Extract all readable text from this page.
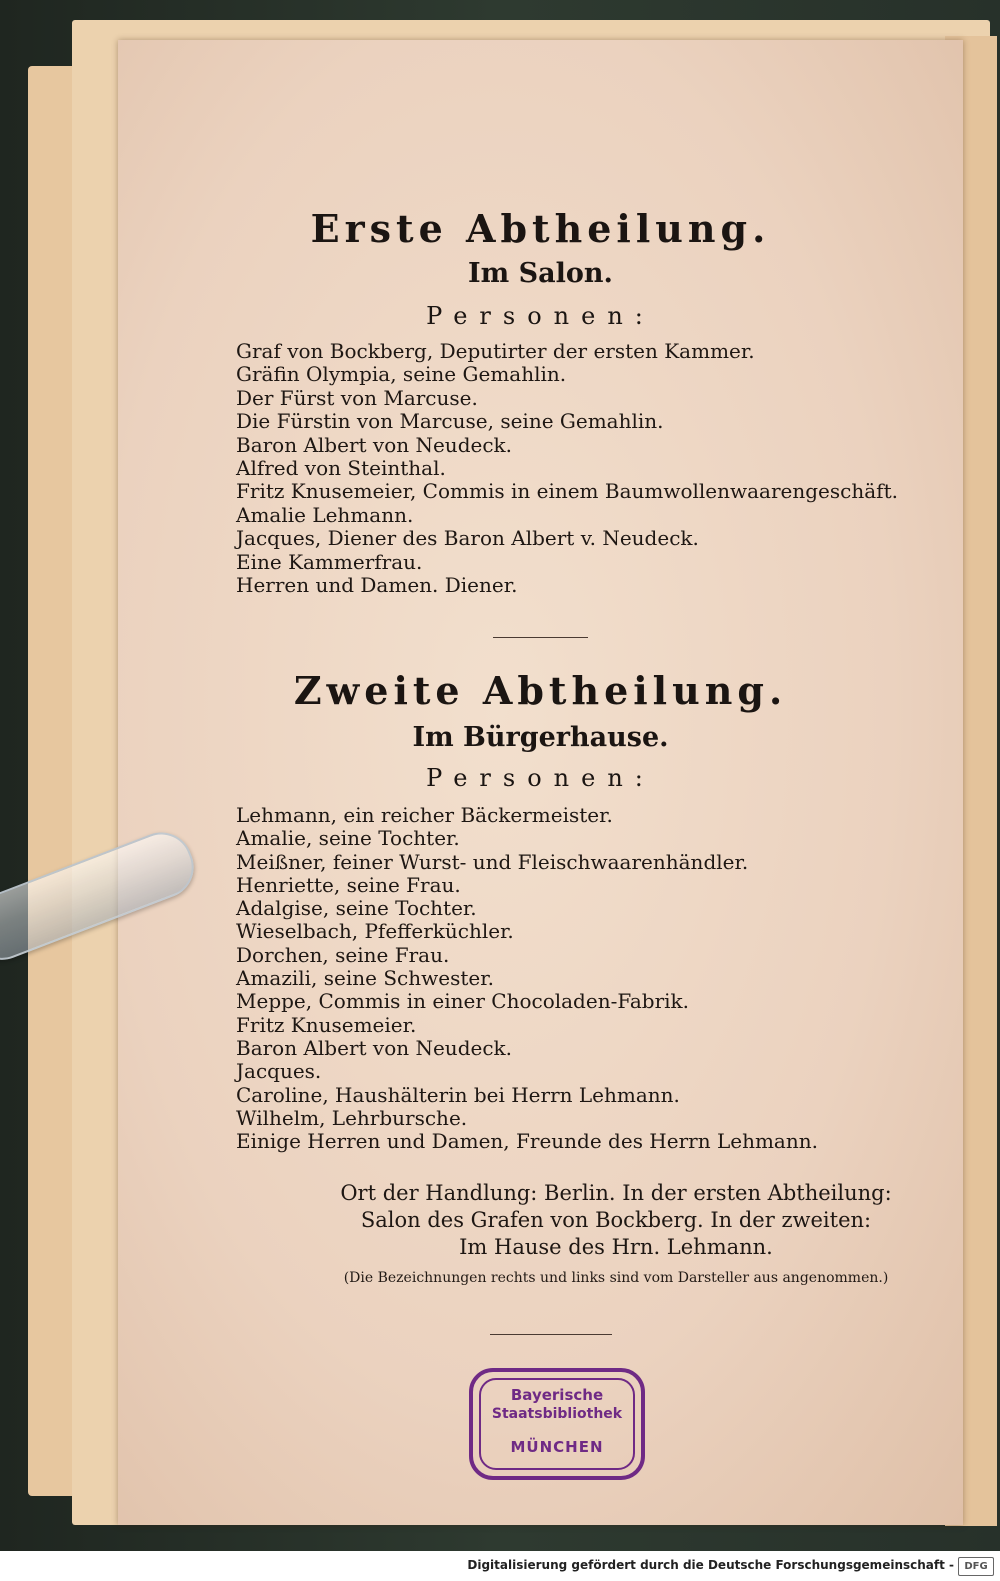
Erste Abtheilung.
Im Salon.
Personen:
Graf von Bockberg, Deputirter der ersten Kammer.
Gräfin Olympia, seine Gemahlin.
Der Fürst von Marcuse.
Die Fürstin von Marcuse, seine Gemahlin.
Baron Albert von Neudeck.
Alfred von Steinthal.
Fritz Knusemeier, Commis in einem Baumwollenwaarengeschäft.
Amalie Lehmann.
Jacques, Diener des Baron Albert v. Neudeck.
Eine Kammerfrau.
Herren und Damen. Diener.
Zweite Abtheilung.
Im Bürgerhause.
Personen:
Lehmann, ein reicher Bäckermeister.
Amalie, seine Tochter.
Meißner, feiner Wurst- und Fleischwaarenhändler.
Henriette, seine Frau.
Adalgise, seine Tochter.
Wieselbach, Pfefferküchler.
Dorchen, seine Frau.
Amazili, seine Schwester.
Meppe, Commis in einer Chocoladen-Fabrik.
Fritz Knusemeier.
Baron Albert von Neudeck.
Jacques.
Caroline, Haushälterin bei Herrn Lehmann.
Wilhelm, Lehrbursche.
Einige Herren und Damen, Freunde des Herrn Lehmann.
Ort der Handlung: Berlin. In der ersten Abtheilung:
Salon des Grafen von Bockberg. In der zweiten:
Im Hause des Hrn. Lehmann.
(Die Bezeichnungen rechts und links sind vom Darsteller aus angenommen.)
Bayerische
Staatsbibliothek
MÜNCHEN
Digitalisierung gefördert durch die Deutsche Forschungsgemeinschaft -	DFG
